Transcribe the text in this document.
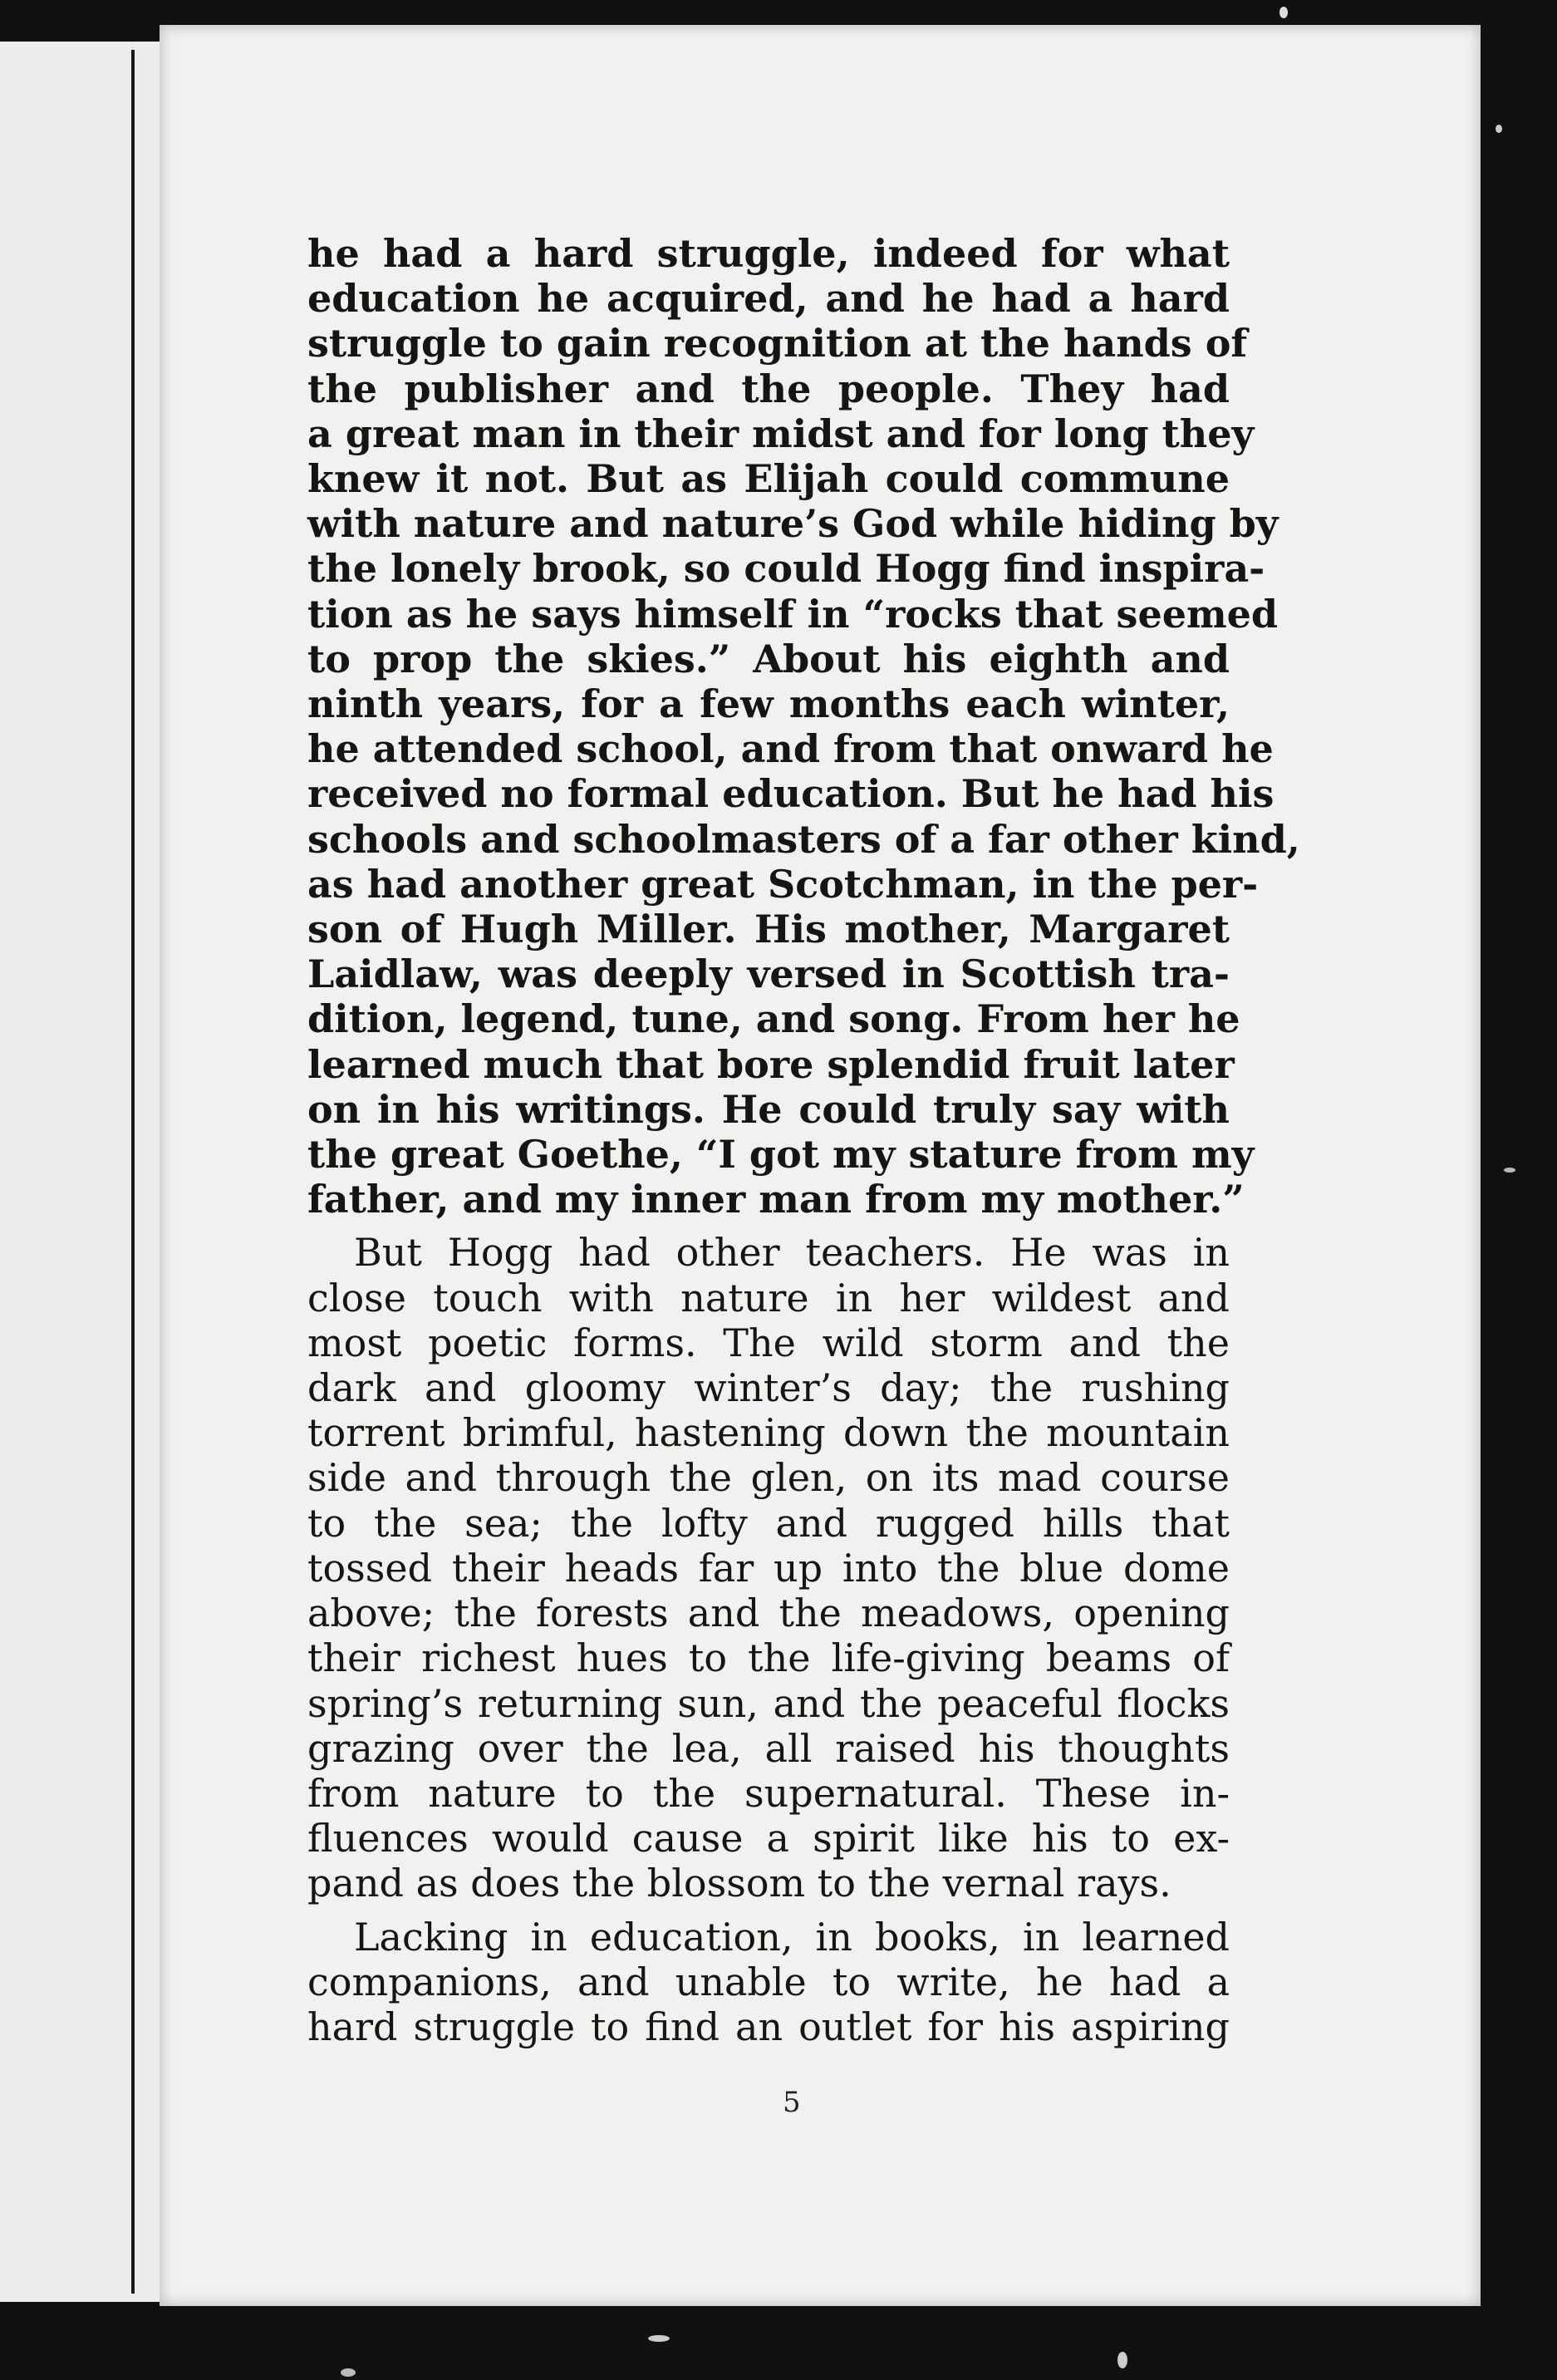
he had a hard struggle, indeed for what
education he acquired, and he had a hard
struggle to gain recognition at the hands of
the publisher and the people. They had
a great man in their midst and for long they
knew it not. But as Elijah could commune
with nature and nature’s God while hiding by
the lonely brook, so could Hogg find inspira-
tion as he says himself in “rocks that seemed
to prop the skies.” About his eighth and
ninth years, for a few months each winter,
he attended school, and from that onward he
received no formal education. But he had his
schools and schoolmasters of a far other kind,
as had another great Scotchman, in the per-
son of Hugh Miller. His mother, Margaret
Laidlaw, was deeply versed in Scottish tra-
dition, legend, tune, and song. From her he
learned much that bore splendid fruit later
on in his writings. He could truly say with
the great Goethe, “I got my stature from my
father, and my inner man from my mother.”
But Hogg had other teachers. He was in
close touch with nature in her wildest and
most poetic forms. The wild storm and the
dark and gloomy winter’s day; the rushing
torrent brimful, hastening down the mountain
side and through the glen, on its mad course
to the sea; the lofty and rugged hills that
tossed their heads far up into the blue dome
above; the forests and the meadows, opening
their richest hues to the life-giving beams of
spring’s returning sun, and the peaceful flocks
grazing over the lea, all raised his thoughts
from nature to the supernatural. These in-
fluences would cause a spirit like his to ex-
pand as does the blossom to the vernal rays.
Lacking in education, in books, in learned
companions, and unable to write, he had a
hard struggle to find an outlet for his aspiring
5
